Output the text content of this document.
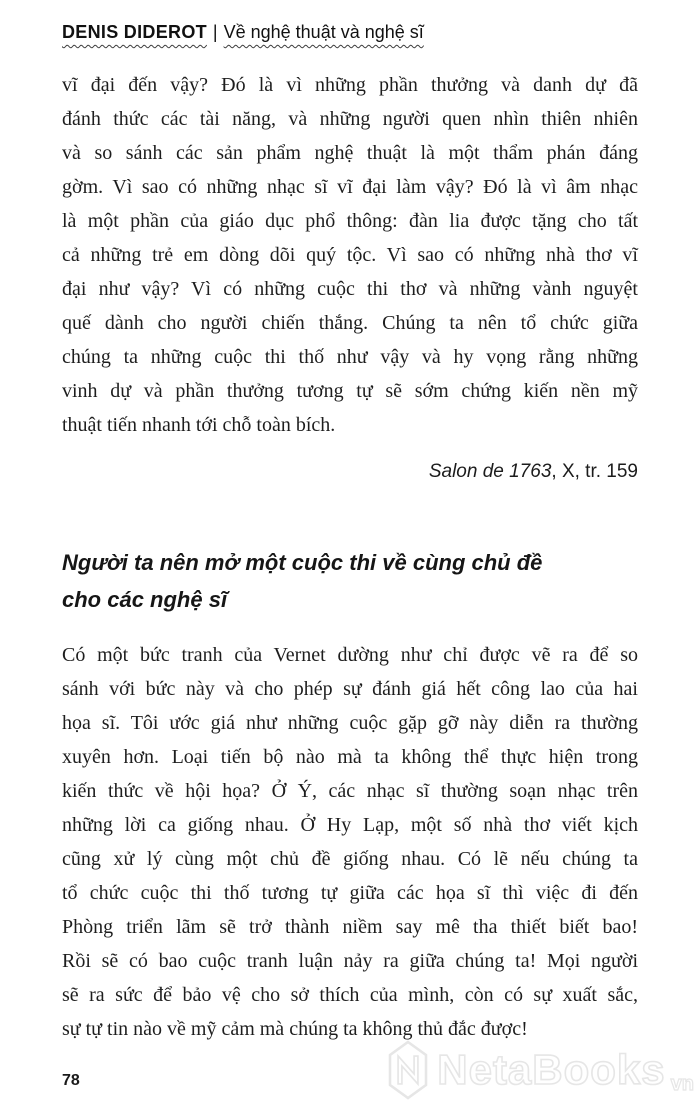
DENIS DIDEROT | Về nghệ thuật và nghệ sĩ
vĩ đại đến vậy? Đó là vì những phần thưởng và danh dự đã
đánh thức các tài năng, và những người quen nhìn thiên nhiên
và so sánh các sản phẩm nghệ thuật là một thẩm phán đáng
gờm. Vì sao có những nhạc sĩ vĩ đại làm vậy? Đó là vì âm nhạc
là một phần của giáo dục phổ thông: đàn lia được tặng cho tất
cả những trẻ em dòng dõi quý tộc. Vì sao có những nhà thơ vĩ
đại như vậy? Vì có những cuộc thi thơ và những vành nguyệt
quế dành cho người chiến thắng. Chúng ta nên tổ chức giữa
chúng ta những cuộc thi thố như vậy và hy vọng rằng những
vinh dự và phần thưởng tương tự sẽ sớm chứng kiến nền mỹ
thuật tiến nhanh tới chỗ toàn bích.
Salon de 1763, X, tr. 159
Người ta nên mở một cuộc thi về cùng chủ đề
cho các nghệ sĩ
Có một bức tranh của Vernet dường như chỉ được vẽ ra để so
sánh với bức này và cho phép sự đánh giá hết công lao của hai
họa sĩ. Tôi ước giá như những cuộc gặp gỡ này diễn ra thường
xuyên hơn. Loại tiến bộ nào mà ta không thể thực hiện trong
kiến thức về hội họa? Ở Ý, các nhạc sĩ thường soạn nhạc trên
những lời ca giống nhau. Ở Hy Lạp, một số nhà thơ viết kịch
cũng xử lý cùng một chủ đề giống nhau. Có lẽ nếu chúng ta
tổ chức cuộc thi thố tương tự giữa các họa sĩ thì việc đi đến
Phòng triển lãm sẽ trở thành niềm say mê tha thiết biết bao!
Rồi sẽ có bao cuộc tranh luận nảy ra giữa chúng ta! Mọi người
sẽ ra sức để bảo vệ cho sở thích của mình, còn có sự xuất sắc,
sự tự tin nào về mỹ cảm mà chúng ta không thủ đắc được!
78	NetaBooks vn
